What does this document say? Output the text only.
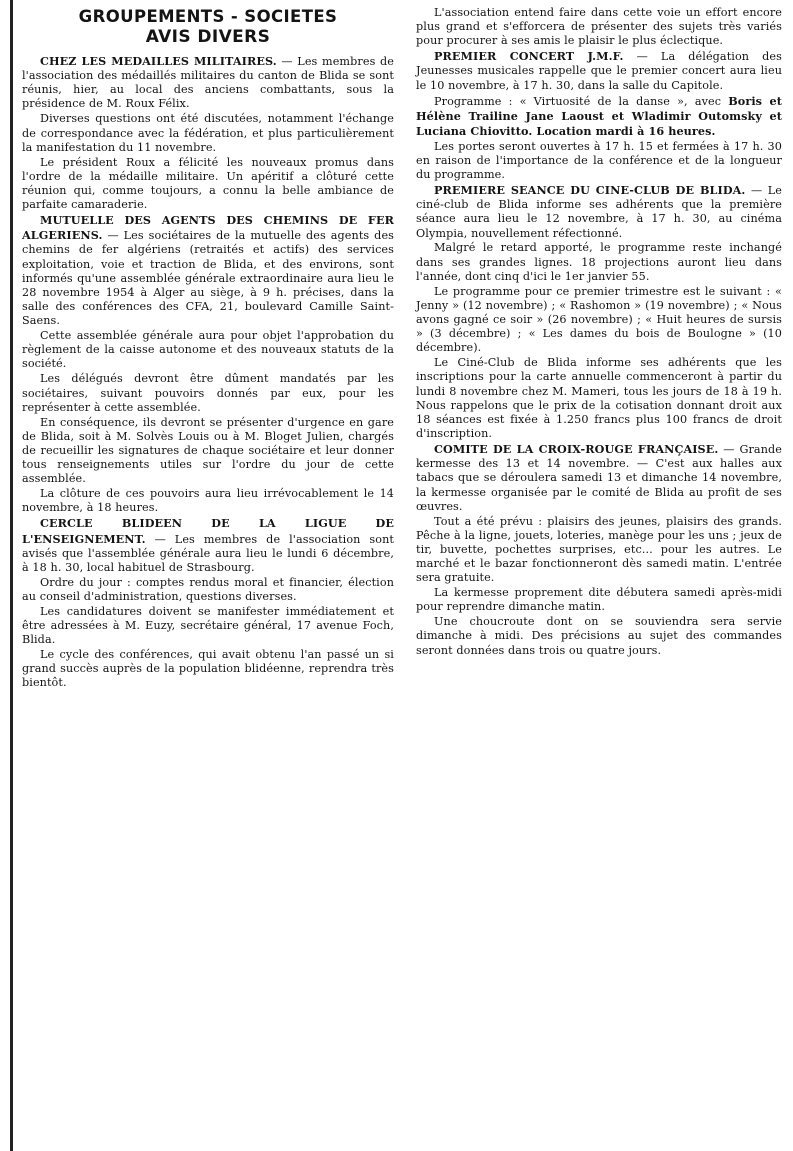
GROUPEMENTS - SOCIETES
AVIS DIVERS

CHEZ LES MEDAILLES MILITAIRES. — Les membres de l'association des médaillés militaires du canton de Blida se sont réunis, hier, au local des anciens combattants, sous la présidence de M. Roux Félix.

Diverses questions ont été discutées, notamment l'échange de correspondance avec la fédération, et plus particulièrement la manifestation du 11 novembre.

Le président Roux a félicité les nouveaux promus dans l'ordre de la médaille militaire. Un apéritif a clôturé cette réunion qui, comme toujours, a connu la belle ambiance de parfaite camaraderie.

MUTUELLE DES AGENTS DES CHEMINS DE FER ALGERIENS. — Les sociétaires de la mutuelle des agents des chemins de fer algériens (retraités et actifs) des services exploitation, voie et traction de Blida, et des environs, sont informés qu'une assemblée générale extraordinaire aura lieu le 28 novembre 1954 à Alger au siège, à 9 h. précises, dans la salle des conférences des CFA, 21, boulevard Camille Saint-Saens.

Cette assemblée générale aura pour objet l'approbation du règlement de la caisse autonome et des nouveaux statuts de la société.

Les délégués devront être dûment mandatés par les sociétaires, suivant pouvoirs donnés par eux, pour les représenter à cette assemblée.

En conséquence, ils devront se présenter d'urgence en gare de Blida, soit à M. Solvès Louis ou à M. Bloget Julien, chargés de recueillir les signatures de chaque sociétaire et leur donner tous renseignements utiles sur l'ordre du jour de cette assemblée.

La clôture de ces pouvoirs aura lieu irrévocablement le 14 novembre, à 18 heures.

CERCLE BLIDEEN DE LA LIGUE DE L'ENSEIGNEMENT. — Les membres de l'association sont avisés que l'assemblée générale aura lieu le lundi 6 décembre, à 18 h. 30, local habituel de Strasbourg.

Ordre du jour : comptes rendus moral et financier, élection au conseil d'administration, questions diverses.

Les candidatures doivent se manifester immédiatement et être adressées à M. Euzy, secrétaire général, 17 avenue Foch, Blida.

Le cycle des conférences, qui avait obtenu l'an passé un si grand succès auprès de la population blidéenne, reprendra très bientôt.

L'association entend faire dans cette voie un effort encore plus grand et s'efforcera de présenter des sujets très variés pour procurer à ses amis le plaisir le plus éclectique.

PREMIER CONCERT J.M.F. — La délégation des Jeunesses musicales rappelle que le premier concert aura lieu le 10 novembre, à 17 h. 30, dans la salle du Capitole.

Programme : « Virtuosité de la danse », avec Boris et Hélène Trailine Jane Laoust et Wladimir Outomsky et Luciana Chiovitto. Location mardi à 16 heures.

Les portes seront ouvertes à 17 h. 15 et fermées à 17 h. 30 en raison de l'importance de la conférence et de la longueur du programme.

PREMIERE SEANCE DU CINE-CLUB DE BLIDA. — Le ciné-club de Blida informe ses adhérents que la première séance aura lieu le 12 novembre, à 17 h. 30, au cinéma Olympia, nouvellement réfectionné.

Malgré le retard apporté, le programme reste inchangé dans ses grandes lignes. 18 projections auront lieu dans l'année, dont cinq d'ici le 1er janvier 55.

Le programme pour ce premier trimestre est le suivant : « Jenny » (12 novembre) ; « Rashomon » (19 novembre) ; « Nous avons gagné ce soir » (26 novembre) ; « Huit heures de sursis » (3 décembre) ; « Les dames du bois de Boulogne » (10 décembre).

Le Ciné-Club de Blida informe ses adhérents que les inscriptions pour la carte annuelle commenceront à partir du lundi 8 novembre chez M. Mameri, tous les jours de 18 à 19 h. Nous rappelons que le prix de la cotisation donnant droit aux 18 séances est fixée à 1.250 francs plus 100 francs de droit d'inscription.

COMITE DE LA CROIX-ROUGE FRANÇAISE. — Grande kermesse des 13 et 14 novembre. — C'est aux halles aux tabacs que se déroulera samedi 13 et dimanche 14 novembre, la kermesse organisée par le comité de Blida au profit de ses œuvres.

Tout a été prévu : plaisirs des jeunes, plaisirs des grands. Pêche à la ligne, jouets, loteries, manège pour les uns ; jeux de tir, buvette, pochettes surprises, etc... pour les autres. Le marché et le bazar fonctionneront dès samedi matin. L'entrée sera gratuite.

La kermesse proprement dite débutera samedi après-midi pour reprendre dimanche matin.

Une choucroute dont on se souviendra sera servie dimanche à midi. Des précisions au sujet des commandes seront données dans trois ou quatre jours.
